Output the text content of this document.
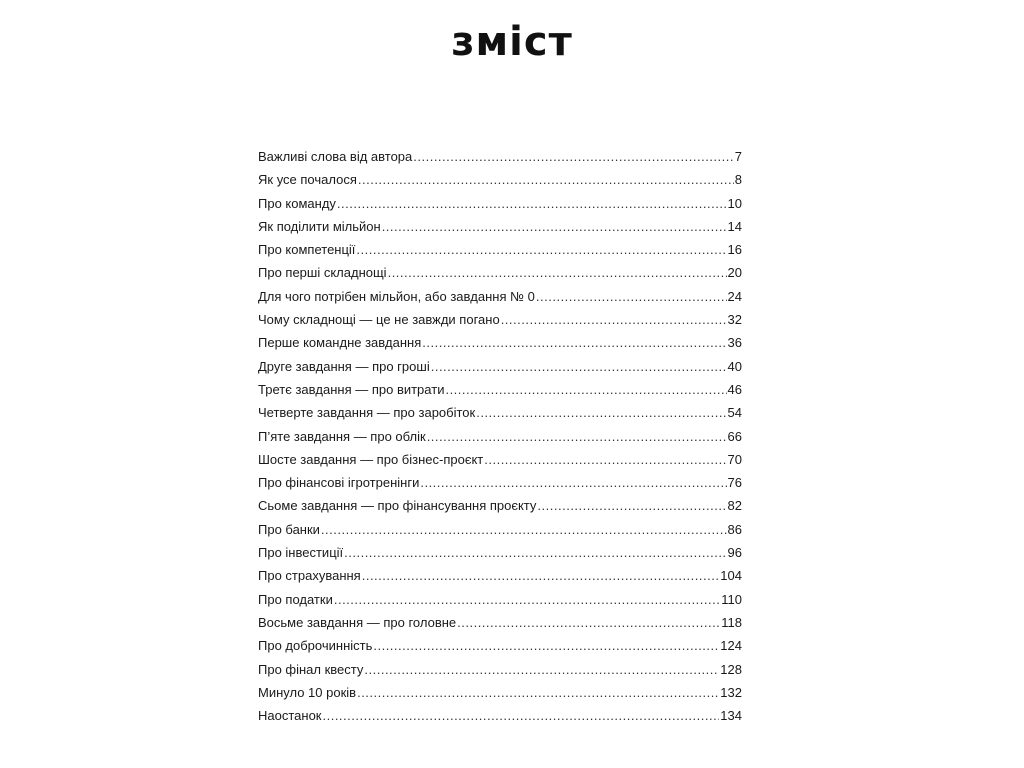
зміст
Важливі слова від автора .....	7
Як усе почалося .....	8
Про команду .....	10
Як поділити мільйон .....	14
Про компетенції .....	16
Про перші складнощі .....	20
Для чого потрібен мільйон, або завдання № 0 .....	24
Чому складнощі — це не завжди погано .....	32
Перше командне завдання .....	36
Друге завдання — про гроші .....	40
Третє завдання — про витрати .....	46
Четверте завдання — про заробіток .....	54
П’яте завдання — про облік .....	66
Шосте завдання — про бізнес-проєкт .....	70
Про фінансові ігротренінги .....	76
Сьоме завдання — про фінансування проєкту .....	82
Про банки .....	86
Про інвестиції .....	96
Про страхування .....	104
Про податки .....	110
Восьме завдання — про головне .....	118
Про доброчинність .....	124
Про фінал квесту .....	128
Минуло 10 років .....	132
Наостанок .....	134
